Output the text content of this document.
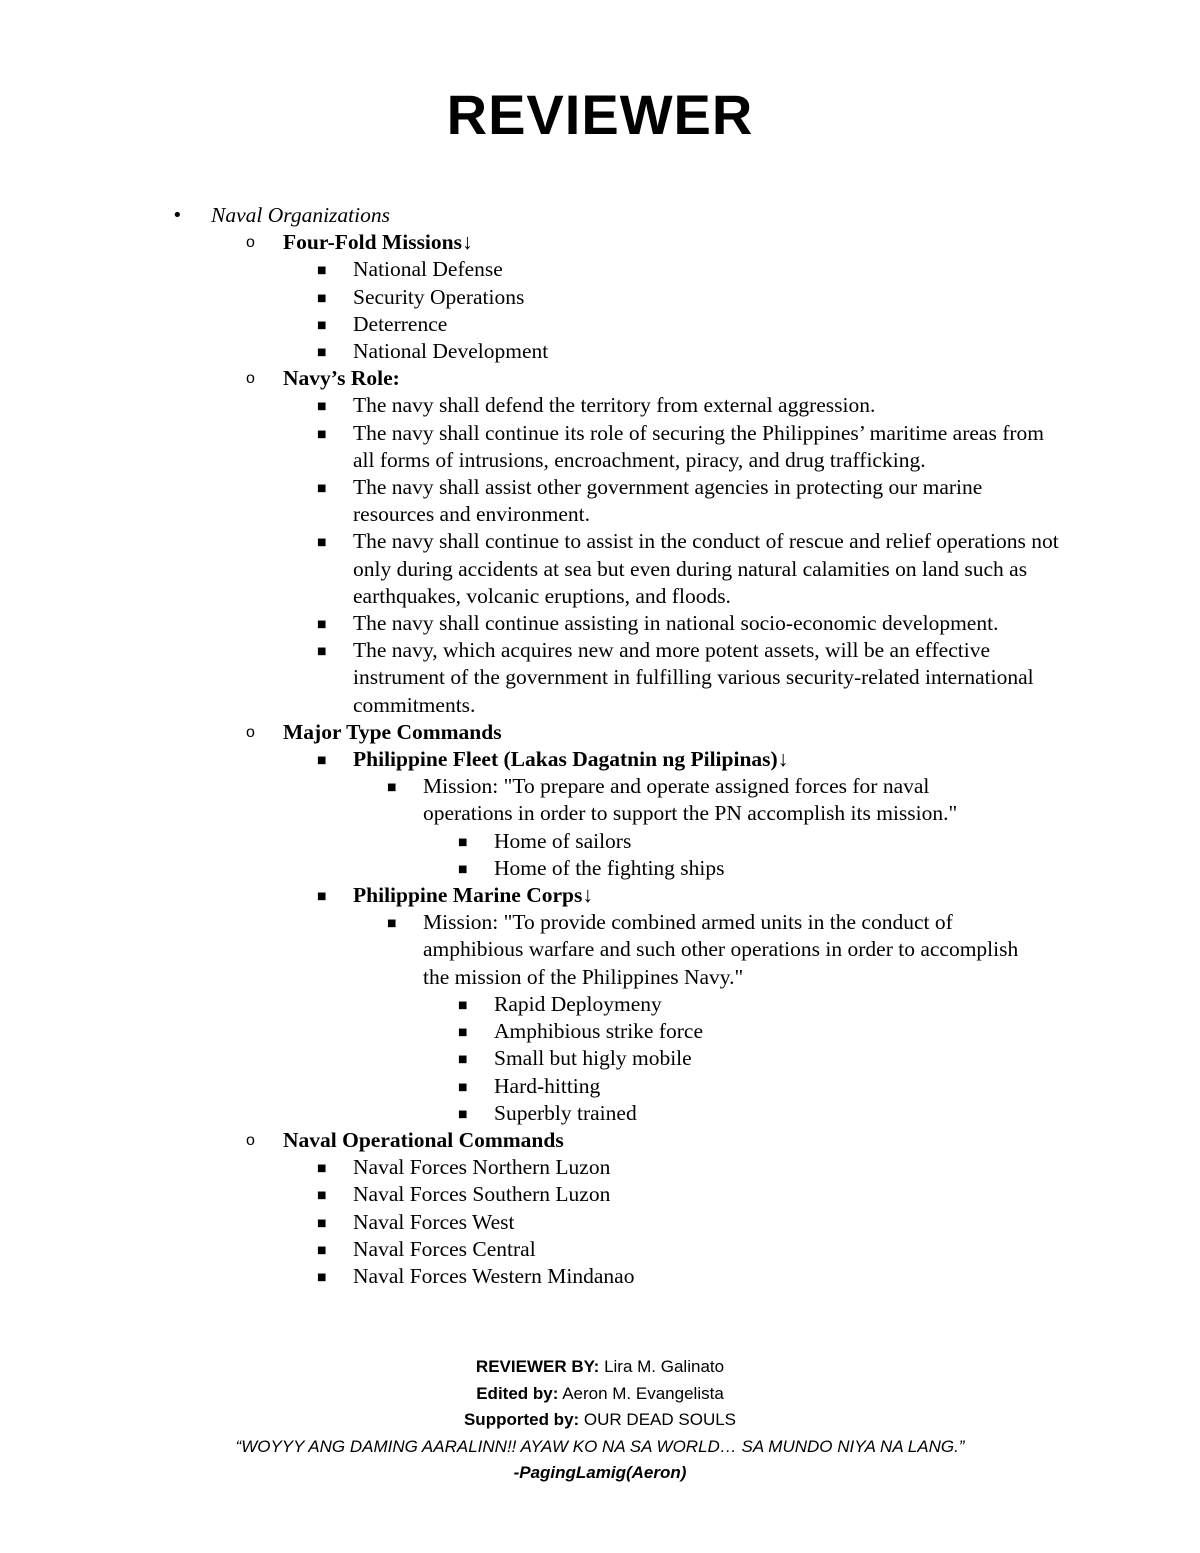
REVIEWER
• Naval Organizations
o Four-Fold Missions↓
■ National Defense
■ Security Operations
■ Deterrence
■ National Development
o Navy’s Role:
■ The navy shall defend the territory from external aggression.
■ The navy shall continue its role of securing the Philippines’ maritime areas from all forms of intrusions, encroachment, piracy, and drug trafficking.
■ The navy shall assist other government agencies in protecting our marine resources and environment.
■ The navy shall continue to assist in the conduct of rescue and relief operations not only during accidents at sea but even during natural calamities on land such as earthquakes, volcanic eruptions, and floods.
■ The navy shall continue assisting in national socio-economic development.
■ The navy, which acquires new and more potent assets, will be an effective instrument of the government in fulfilling various security-related international commitments.
o Major Type Commands
■ Philippine Fleet (Lakas Dagatnin ng Pilipinas)↓
■ Mission: "To prepare and operate assigned forces for naval operations in order to support the PN accomplish its mission."
■ Home of sailors
■ Home of the fighting ships
■ Philippine Marine Corps↓
■ Mission: "To provide combined armed units in the conduct of amphibious warfare and such other operations in order to accomplish the mission of the Philippines Navy."
■ Rapid Deploymeny
■ Amphibious strike force
■ Small but higly mobile
■ Hard-hitting
■ Superbly trained
o Naval Operational Commands
■ Naval Forces Northern Luzon
■ Naval Forces Southern Luzon
■ Naval Forces West
■ Naval Forces Central
■ Naval Forces Western Mindanao
REVIEWER BY: Lira M. Galinato
Edited by: Aeron M. Evangelista
Supported by: OUR DEAD SOULS
“WOYYY ANG DAMING AARALINN!! AYAW KO NA SA WORLD… SA MUNDO NIYA NA LANG.”
-PagingLamig(Aeron)
